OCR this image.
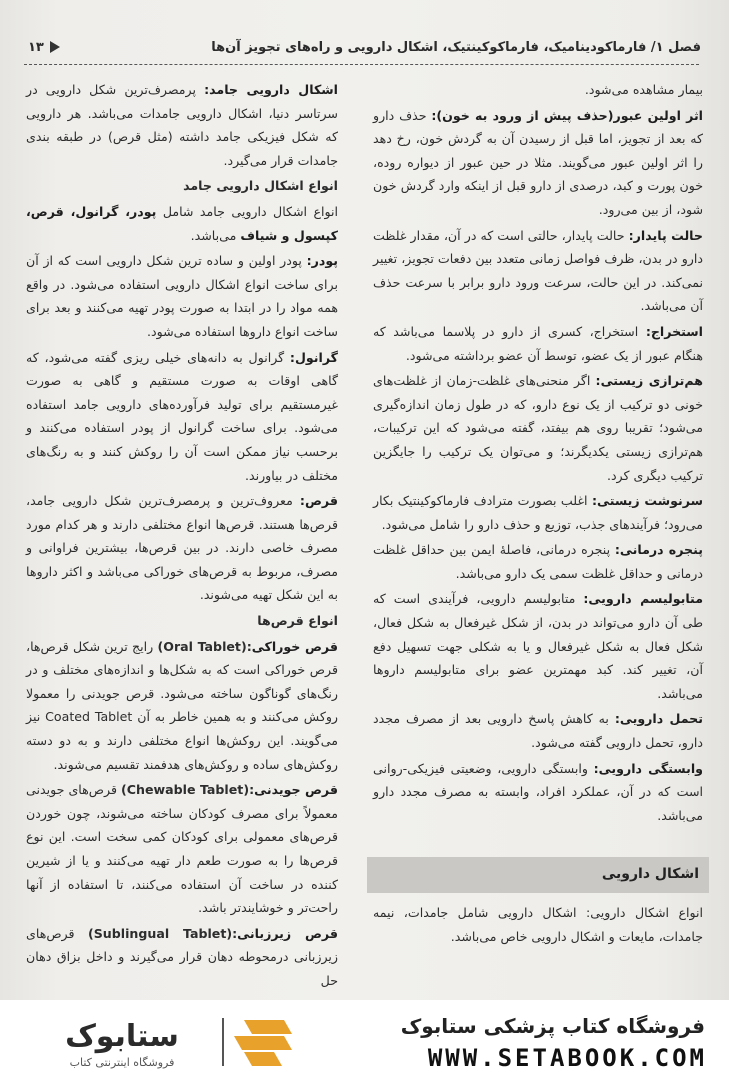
فصل ۱/ فارماکودینامیک، فارماکوکینتیک، اشکال دارویی و راه‌های تجویز آن‌ها
۱۳

بیمار مشاهده می‌شود.

اثر اولین عبور(حذف پیش از ورود به خون): حذف دارو که بعد از تجویز، اما قبل از رسیدن آن به گردش خون، رخ دهد را اثر اولین عبور می‌گویند. مثلا در حین عبور از دیواره روده، خون پورت و کبد، درصدی از دارو قبل از اینکه وارد گردش خون شود، از بین می‌رود.

حالت پایدار: حالت پایدار، حالتی است که در آن، مقدار غلظت دارو در بدن، ظرف فواصل زمانی متعدد بین دفعات تجویز، تغییر نمی‌کند. در این حالت، سرعت ورود دارو برابر با سرعت حذف آن می‌باشد.

استخراج: استخراج، کسری از دارو در پلاسما می‌باشد که هنگام عبور از یک عضو، توسط آن عضو برداشته می‌شود.

هم‌ترازی زیستی: اگر منحنی‌های غلظت‌-زمان از غلظت‌های خونی دو ترکیب از یک نوع دارو، که در طول زمان اندازه‌گیری می‌شود؛ تقریبا روی هم بیفتد، گفته می‌شود که این ترکیبات، هم‌ترازی زیستی یکدیگرند؛ و می‌توان یک ترکیب را جایگزین ترکیب دیگری کرد.

سرنوشت زیستی: اغلب بصورت مترادف فارماکوکینتیک بکار می‌رود؛ فرآیندهای جذب، توزیع و حذف دارو را شامل می‌شود.

پنجره درمانی: پنجره درمانی، فاصلهٔ ایمن بین حداقل غلظت درمانی و حداقل غلظت سمی یک دارو می‌باشد.

متابولیسم دارویی: متابولیسم دارویی، فرآیندی است که طی آن دارو می‌تواند در بدن، از شکل غیرفعال به شکل فعال، شکل فعال به شکل غیرفعال و یا به شکلی جهت تسهیل دفع آن، تغییر کند. کبد مهمترین عضو برای متابولیسم داروها می‌باشد.

تحمل دارویی: به کاهش پاسخ دارویی بعد از مصرف مجدد دارو، تحمل دارویی گفته می‌شود.

وابستگی دارویی: وابستگی دارویی، وضعیتی فیزیکی-روانی است که در آن، عملکرد افراد، وابسته به مصرف مجدد دارو می‌باشد.

اشکال دارویی

انواع اشکال دارویی: اشکال دارویی شامل جامدات، نیمه جامدات، مایعات و اشکال دارویی خاص می‌باشد.

اشکال دارویی جامد: پرمصرف‌ترین شکل دارویی در سرتاسر دنیا، اشکال دارویی جامدات می‌باشد. هر دارویی که شکل فیزیکی جامد داشته (مثل قرص) در طبقه بندی جامدات قرار می‌گیرد.

انواع اشکال دارویی جامد

انواع اشکال دارویی جامد شامل پودر، گرانول، قرص، کپسول و شیاف می‌باشد.

پودر: پودر اولین و ساده ترین شکل دارویی است که از آن برای ساخت انواع اشکال دارویی استفاده می‌شود. در واقع همه مواد را در ابتدا به صورت پودر تهیه می‌کنند و بعد برای ساخت انواع داروها استفاده می‌شود.

گرانول: گرانول به دانه‌های خیلی ریزی گفته می‌شود، که گاهی اوقات به صورت مستقیم و گاهی به صورت غیرمستقیم برای تولید فرآورده‌های دارویی جامد استفاده می‌شود. برای ساخت گرانول از پودر استفاده می‌کنند و برحسب نیاز ممکن است آن را روکش کنند و به رنگ‌های مختلف در بیاورند.

قرص: معروف‌ترین و پرمصرف‌ترین شکل دارویی جامد، قرص‌ها هستند. قرص‌ها انواع مختلفی دارند و هر کدام مورد مصرف خاصی دارند. در بین قرص‌ها، بیشترین فراوانی و مصرف، مربوط به قرص‌های خوراکی می‌باشد و اکثر داروها به این شکل تهیه می‌شوند.

انواع قرص‌ها

قرص خوراکی(Oral Tablet): رایج ترین شکل قرص‌ها، قرص خوراکی است که به شکل‌ها و اندازه‌های مختلف و در رنگ‌های گوناگون ساخته می‌شود. قرص جویدنی را معمولا روکش می‌کنند و به همین خاطر به آن Coated Tablet نیز می‌گویند. این روکش‌ها انواع مختلفی دارند و به دو دسته روکش‌های ساده و روکش‌های هدفمند تقسیم می‌شوند.

قرص جویدنی(Chewable Tablet): قرص‌های جویدنی معمولاً برای مصرف کودکان ساخته می‌شوند، چون خوردن قرص‌های معمولی برای کودکان کمی سخت است. این نوع قرص‌ها را به صورت طعم دار تهیه می‌کنند و یا از شیرین کننده در ساخت آن استفاده می‌کنند، تا استفاده از آنها راحت‌تر و خوشایندتر باشد.

قرص زیرزبانی(Sublingual Tablet): قرص‌های زیرزبانی درمحوطه دهان قرار می‌گیرند و داخل بزاق دهان حل

ستابوک
فروشگاه اینترنتی کتاب
فروشگاه کتاب پزشکی ستابوک
WWW.SETABOOK.COM
